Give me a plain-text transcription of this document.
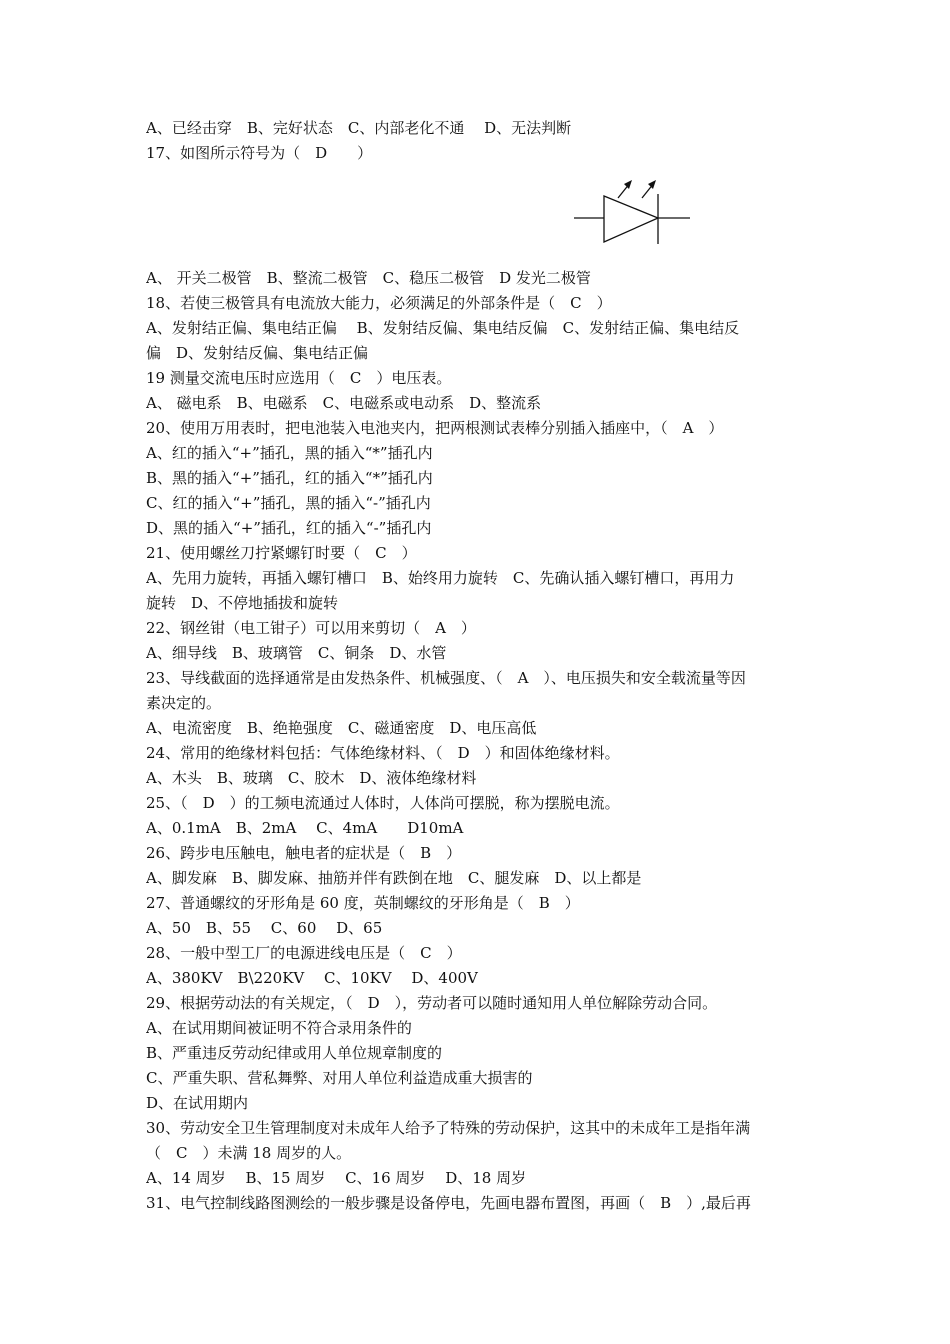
A、已经击穿　B、完好状态　C、内部老化不通　 D、无法判断
17、如图所示符号为（　D　　）
A、 开关二极管　B、整流二极管　C、稳压二极管　D 发光二极管
18、若使三极管具有电流放大能力，必须满足的外部条件是（　C　）
A、发射结正偏、集电结正偏　 B、发射结反偏、集电结反偏　C、发射结正偏、集电结反
偏　D、发射结反偏、集电结正偏
19 测量交流电压时应选用（　C　）电压表。
A、 磁电系　B、电磁系　C、电磁系或电动系　D、整流系
20、使用万用表时，把电池装入电池夹内，把两根测试表棒分别插入插座中，（　A　）
A、红的插入“+”插孔，黑的插入“*”插孔内
B、黑的插入“+”插孔，红的插入“*”插孔内
C、红的插入“+”插孔，黑的插入“-”插孔内
D、黑的插入“+”插孔，红的插入“-”插孔内
21、使用螺丝刀拧紧螺钉时要（　C　）
A、先用力旋转，再插入螺钉槽口　B、始终用力旋转　C、先确认插入螺钉槽口，再用力
旋转　D、不停地插拔和旋转
22、钢丝钳（电工钳子）可以用来剪切（　A　）
A、细导线　B、玻璃管　C、铜条　D、水管
23、导线截面的选择通常是由发热条件、机械强度、（　A　）、电压损失和安全载流量等因
素决定的。
A、电流密度　B、绝艳强度　C、磁通密度　D、电压高低
24、常用的绝缘材料包括：气体绝缘材料、（　D　）和固体绝缘材料。
A、木头　B、玻璃　C、胶木　D、液体绝缘材料
25、（　D　）的工频电流通过人体时，人体尚可摆脱，称为摆脱电流。
A、0.1mA　B、2mA　 C、4mA　　D10mA
26、跨步电压触电，触电者的症状是（　B　）
A、脚发麻　B、脚发麻、抽筋并伴有跌倒在地　C、腿发麻　D、以上都是
27、普通螺纹的牙形角是 60 度，英制螺纹的牙形角是（　B　）
A、50　B、55　 C、60　 D、65
28、一般中型工厂的电源进线电压是（　C　）
A、380KV　B\220KV　 C、10KV　 D、400V
29、根据劳动法的有关规定，（　D　），劳动者可以随时通知用人单位解除劳动合同。
A、在试用期间被证明不符合录用条件的
B、严重违反劳动纪律或用人单位规章制度的
C、严重失职、营私舞弊、对用人单位利益造成重大损害的
D、在试用期内
30、劳动安全卫生管理制度对未成年人给予了特殊的劳动保护，这其中的未成年工是指年满
（　C　）未满 18 周岁的人。
A、14 周岁　 B、15 周岁　 C、16 周岁　 D、18 周岁
31、电气控制线路图测绘的一般步骤是设备停电，先画电器布置图，再画（　B　）,最后再
